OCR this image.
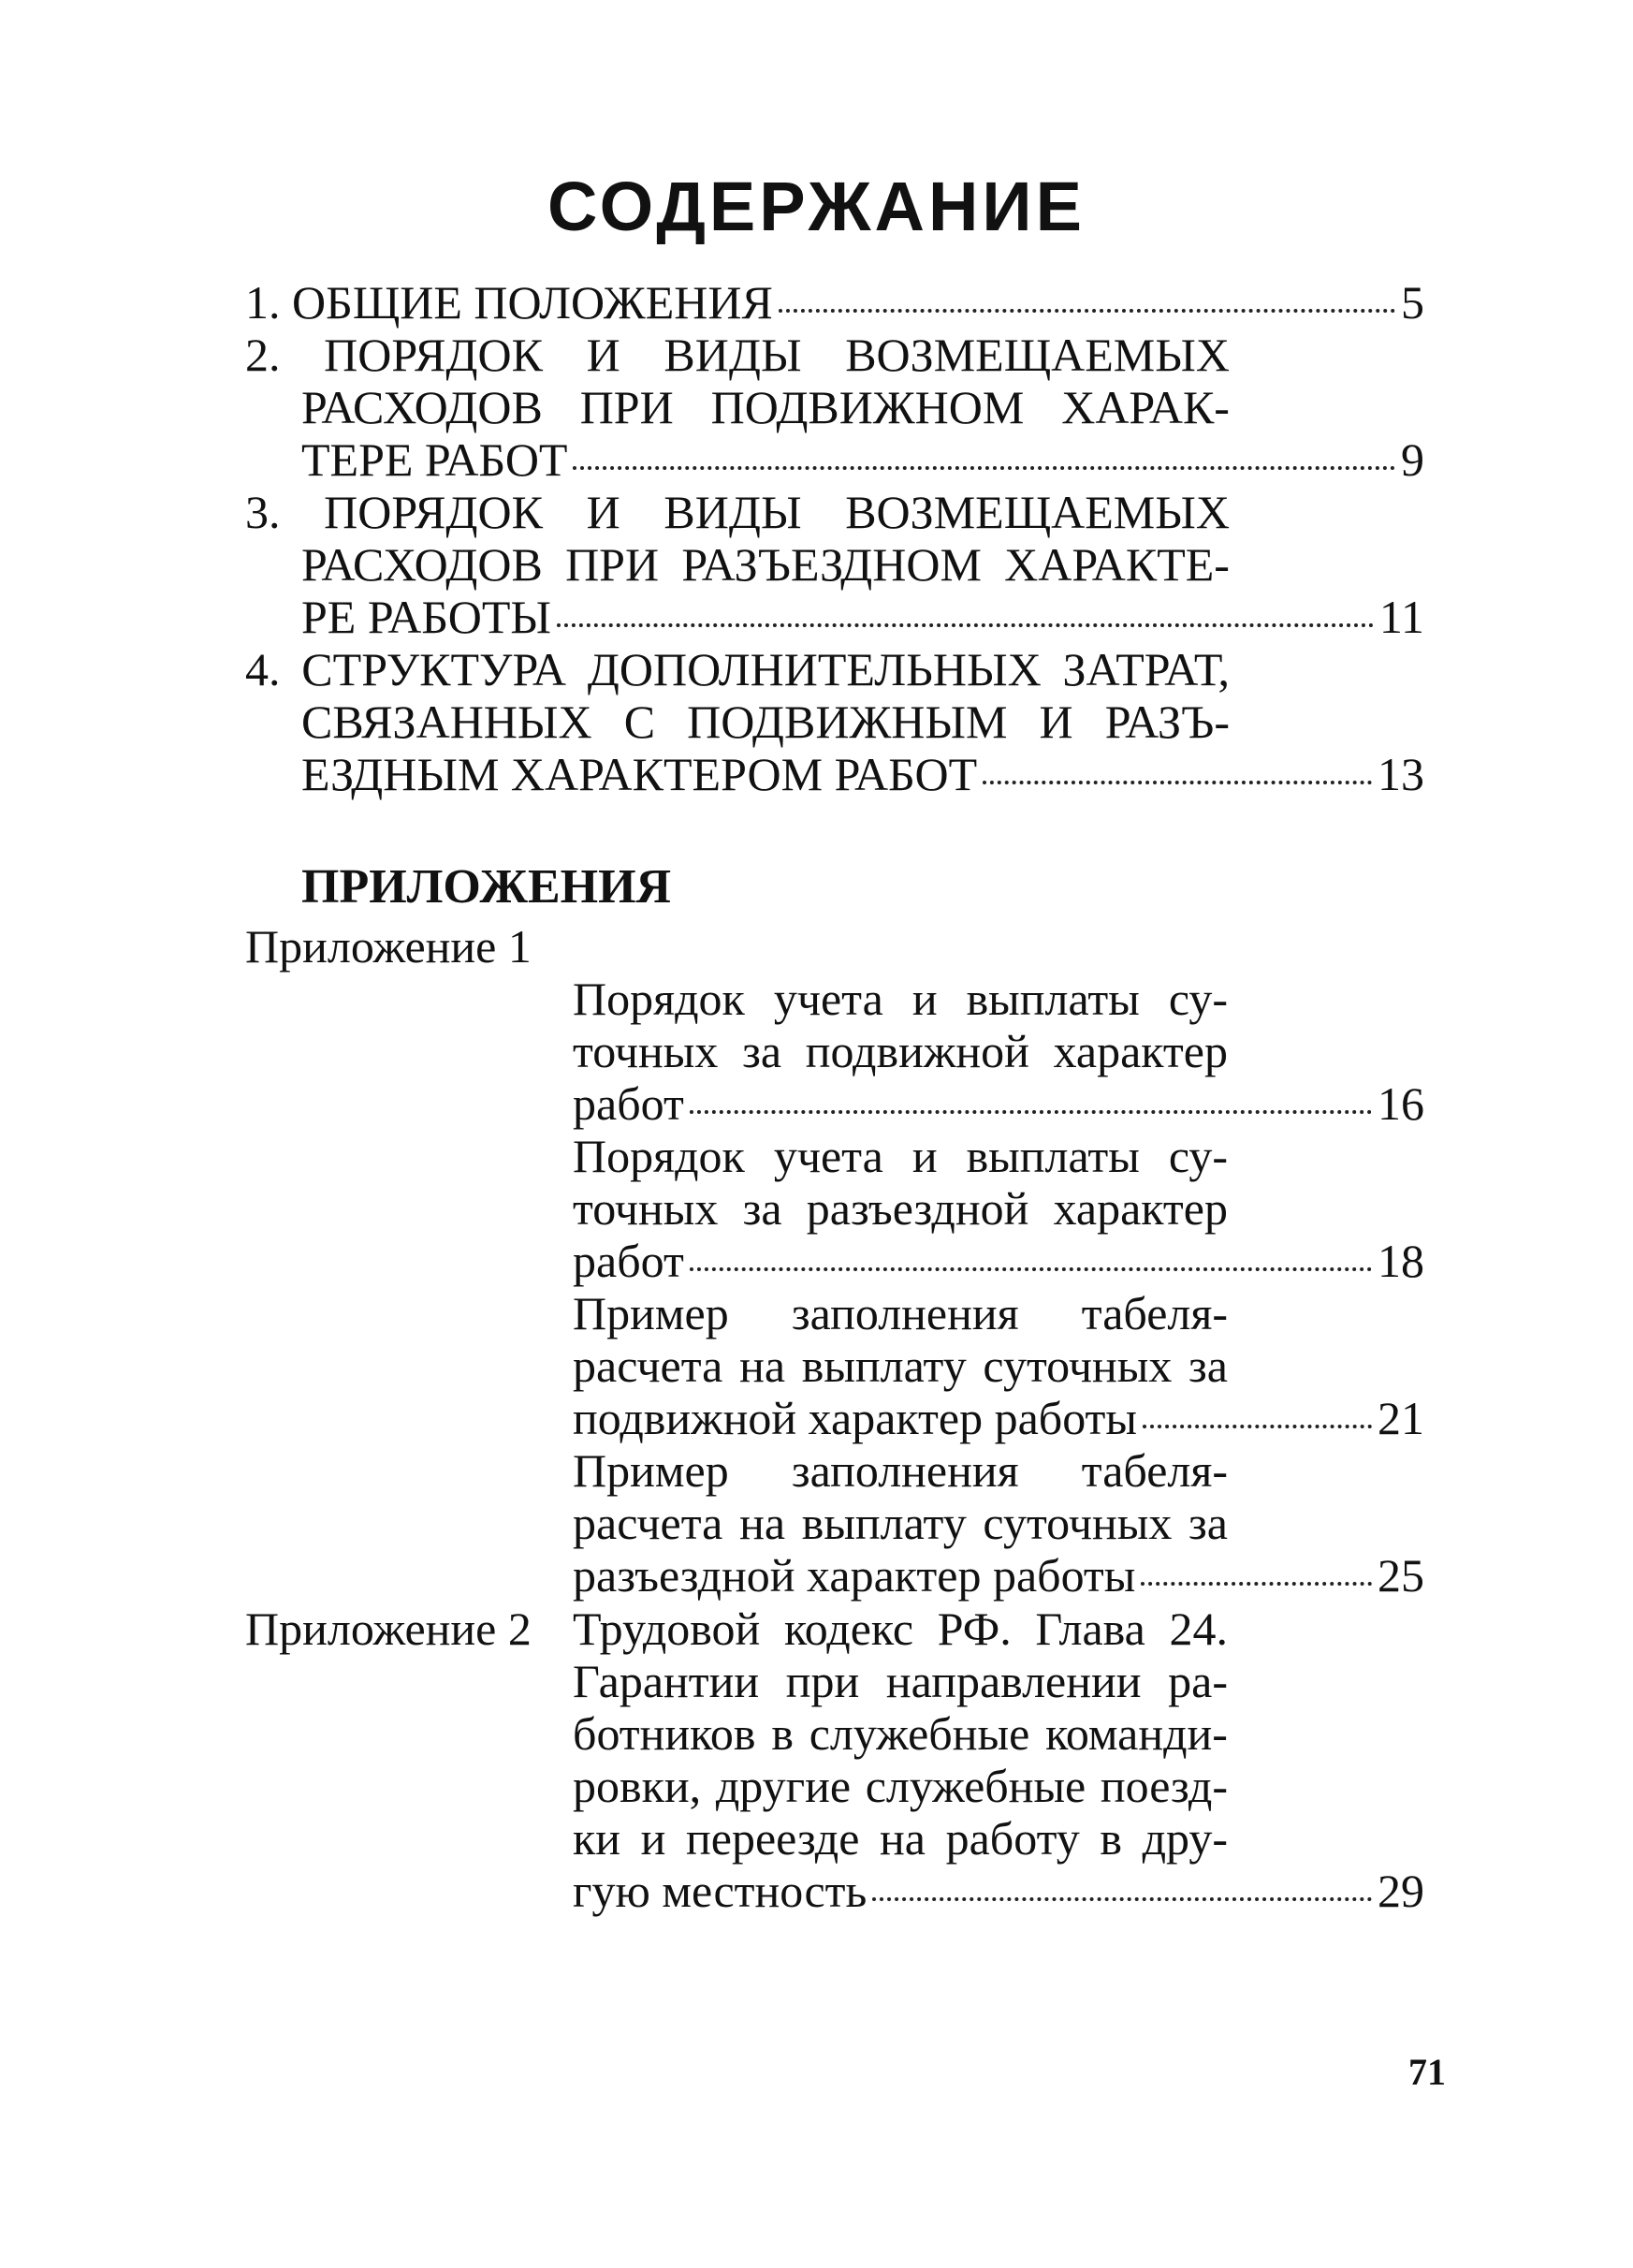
СОДЕРЖАНИЕ
1. ОБЩИЕ ПОЛОЖЕНИЯ	5
2. ПОРЯДОК И ВИДЫ ВОЗМЕЩАЕМЫХ
РАСХОДОВ ПРИ ПОДВИЖНОМ ХАРАК-
ТЕРЕ РАБОТ	9
3. ПОРЯДОК И ВИДЫ ВОЗМЕЩАЕМЫХ
РАСХОДОВ ПРИ РАЗЪЕЗДНОМ ХАРАКТЕ-
РЕ РАБОТЫ	11
4. СТРУКТУРА ДОПОЛНИТЕЛЬНЫХ ЗАТРАТ,
СВЯЗАННЫХ С ПОДВИЖНЫМ И РАЗЪ-
ЕЗДНЫМ ХАРАКТЕРОМ РАБОТ	13
ПРИЛОЖЕНИЯ
Приложение 1
Порядок учета и выплаты су-
точных за подвижной характер
работ	16
Порядок учета и выплаты су-
точных за разъездной характер
работ	18
Пример заполнения табеля-
расчета на выплату суточных за
подвижной характер работы	21
Пример заполнения табеля-
расчета на выплату суточных за
разъездной характер работы	25
Приложение 2 Трудовой кодекс РФ. Глава 24.
Гарантии при направлении ра-
ботников в служебные команди-
ровки, другие служебные поезд-
ки и переезде на работу в дру-
гую местность	29
71
